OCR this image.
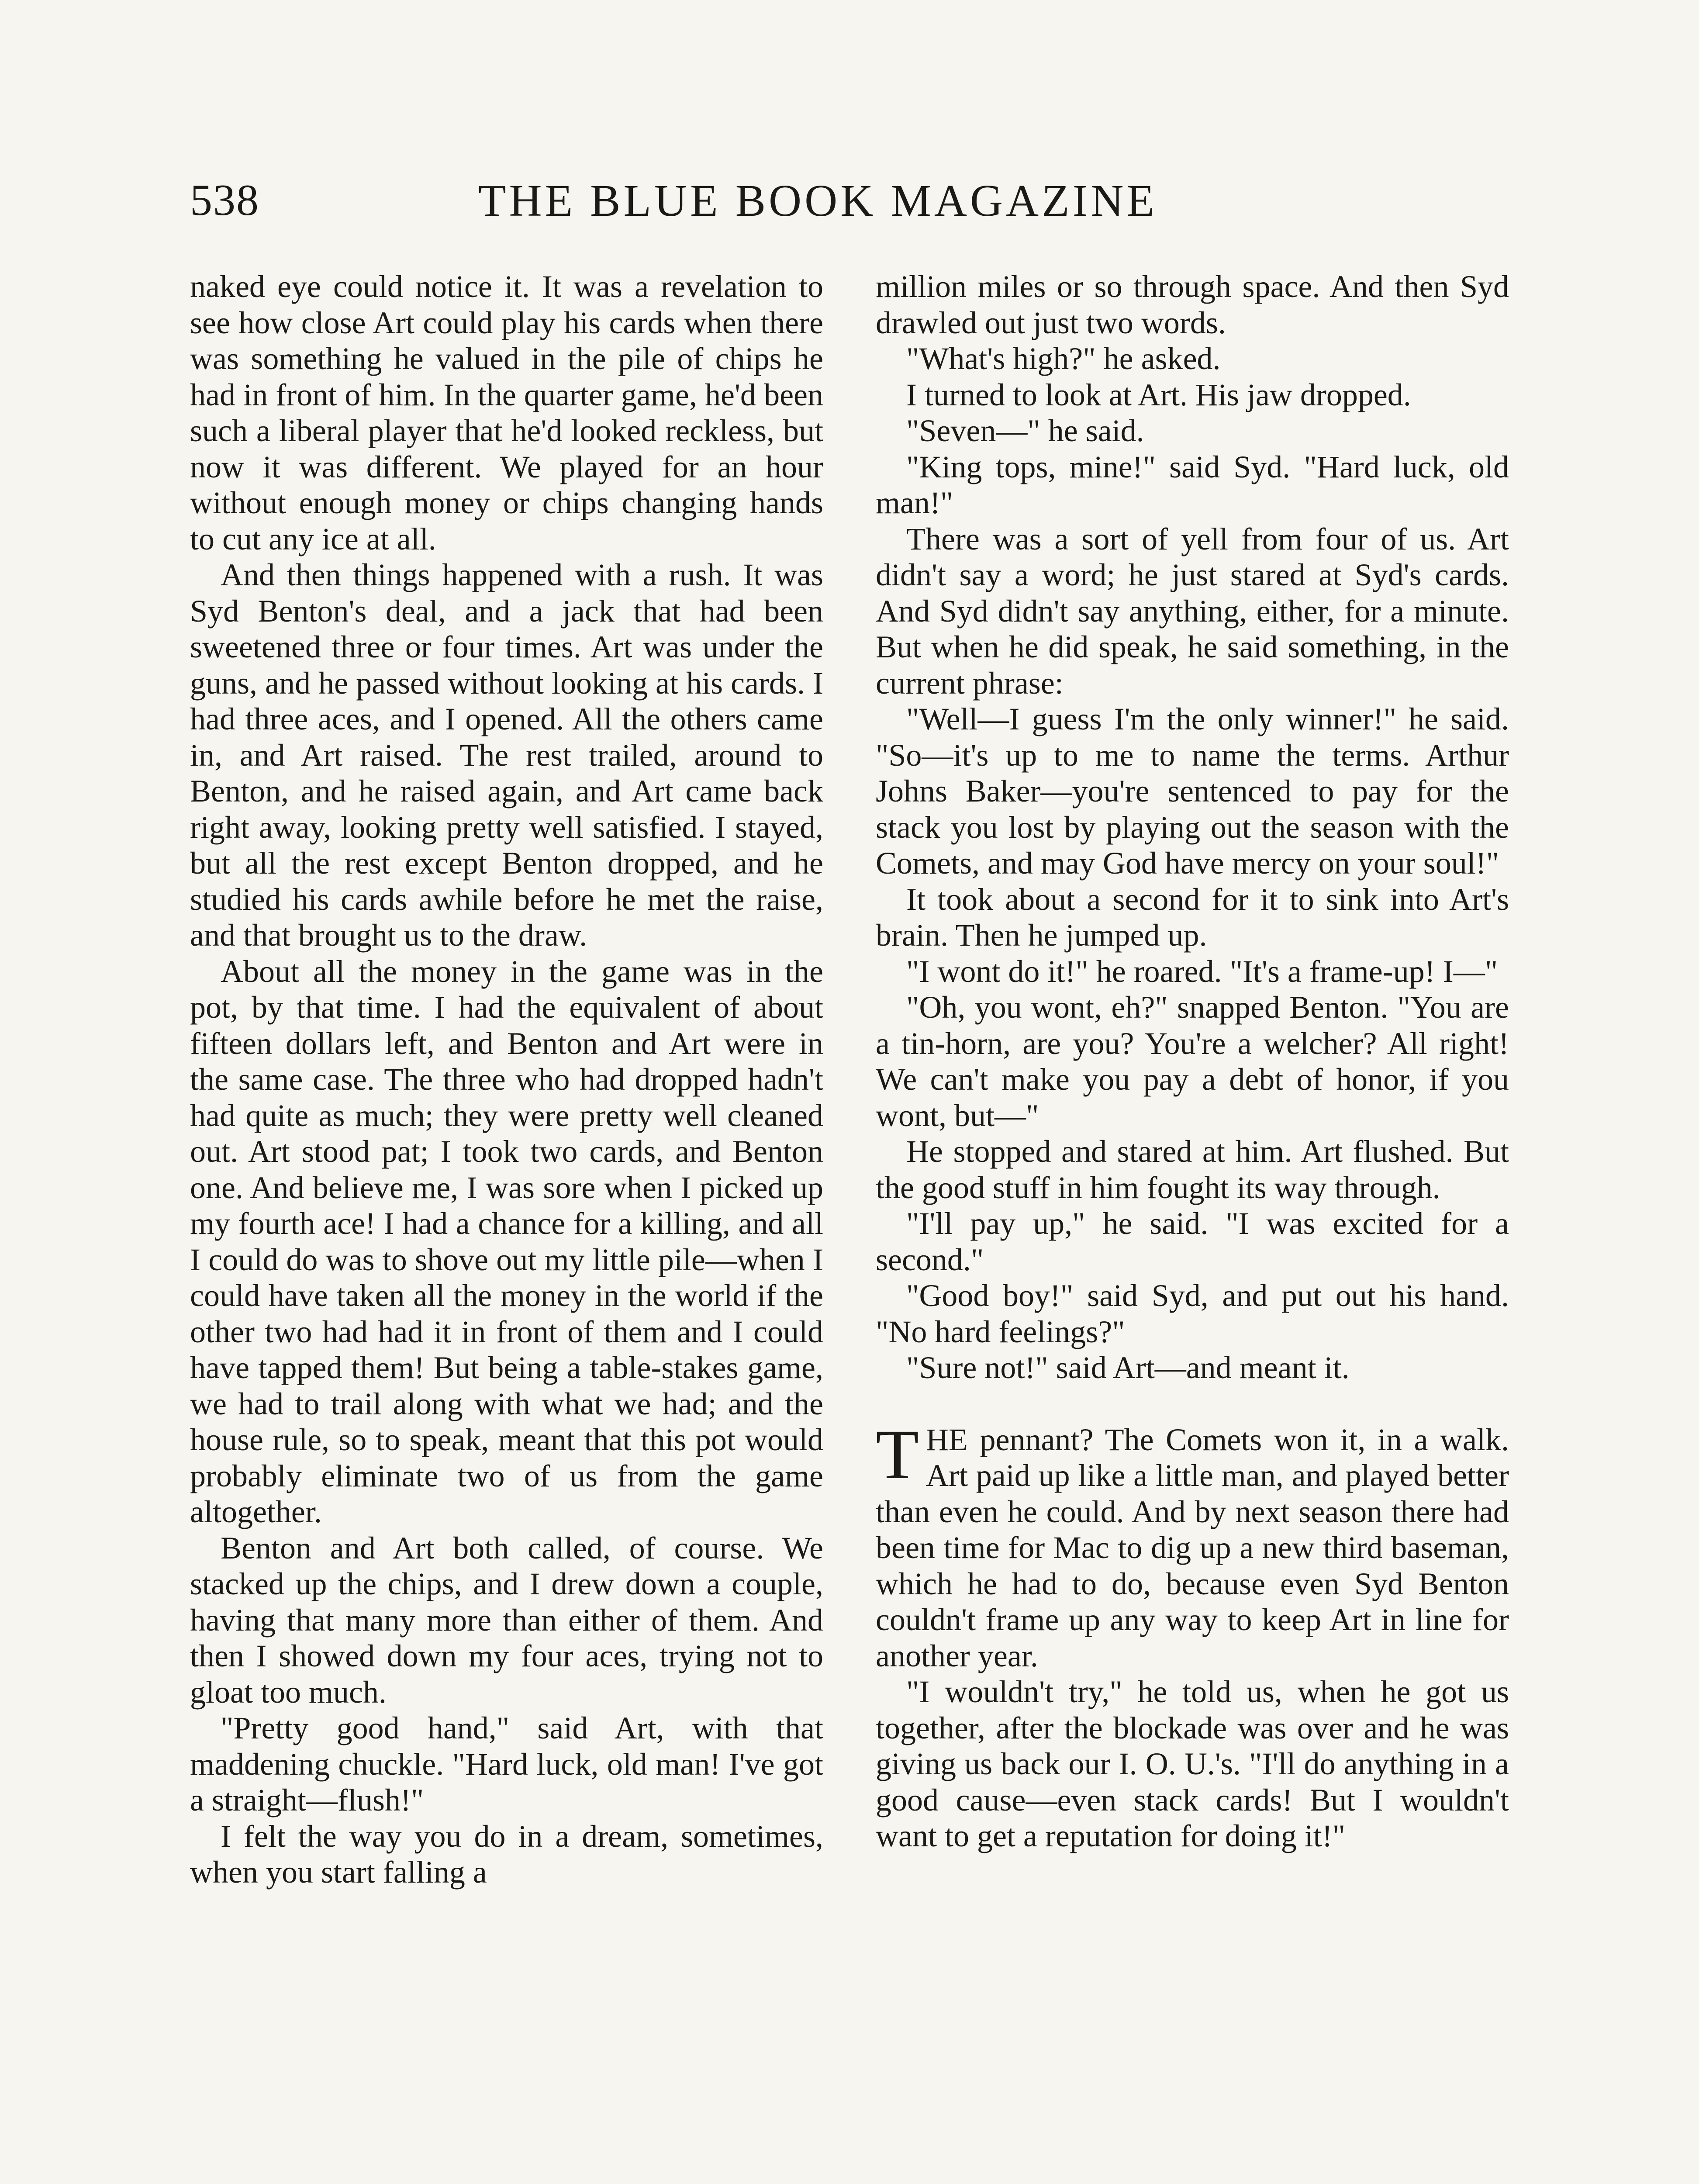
538	THE BLUE BOOK MAGAZINE

naked eye could notice it. It was a revelation to see how close Art could play his cards when there was something he valued in the pile of chips he had in front of him. In the quarter game, he'd been such a liberal player that he'd looked reckless, but now it was different. We played for an hour without enough money or chips changing hands to cut any ice at all.

And then things happened with a rush. It was Syd Benton's deal, and a jack that had been sweetened three or four times. Art was under the guns, and he passed without looking at his cards. I had three aces, and I opened. All the others came in, and Art raised. The rest trailed, around to Benton, and he raised again, and Art came back right away, looking pretty well satisfied. I stayed, but all the rest except Benton dropped, and he studied his cards awhile before he met the raise, and that brought us to the draw.

About all the money in the game was in the pot, by that time. I had the equivalent of about fifteen dollars left, and Benton and Art were in the same case. The three who had dropped hadn't had quite as much; they were pretty well cleaned out. Art stood pat; I took two cards, and Benton one. And believe me, I was sore when I picked up my fourth ace! I had a chance for a killing, and all I could do was to shove out my little pile—when I could have taken all the money in the world if the other two had had it in front of them and I could have tapped them! But being a table-stakes game, we had to trail along with what we had; and the house rule, so to speak, meant that this pot would probably eliminate two of us from the game altogether.

Benton and Art both called, of course. We stacked up the chips, and I drew down a couple, having that many more than either of them. And then I showed down my four aces, trying not to gloat too much.

"Pretty good hand," said Art, with that maddening chuckle. "Hard luck, old man! I've got a straight—flush!"

I felt the way you do in a dream, sometimes, when you start falling a

million miles or so through space. And then Syd drawled out just two words.

"What's high?" he asked.

I turned to look at Art. His jaw dropped.

"Seven—" he said.

"King tops, mine!" said Syd. "Hard luck, old man!"

There was a sort of yell from four of us. Art didn't say a word; he just stared at Syd's cards. And Syd didn't say anything, either, for a minute. But when he did speak, he said something, in the current phrase:

"Well—I guess I'm the only winner!" he said. "So—it's up to me to name the terms. Arthur Johns Baker—you're sentenced to pay for the stack you lost by playing out the season with the Comets, and may God have mercy on your soul!"

It took about a second for it to sink into Art's brain. Then he jumped up.

"I wont do it!" he roared. "It's a frame-up! I—"

"Oh, you wont, eh?" snapped Benton. "You are a tin-horn, are you? You're a welcher? All right! We can't make you pay a debt of honor, if you wont, but—"

He stopped and stared at him. Art flushed. But the good stuff in him fought its way through.

"I'll pay up," he said. "I was excited for a second."

"Good boy!" said Syd, and put out his hand. "No hard feelings?"

"Sure not!" said Art—and meant it.

THE pennant? The Comets won it, in a walk. Art paid up like a little man, and played better than even he could. And by next season there had been time for Mac to dig up a new third baseman, which he had to do, because even Syd Benton couldn't frame up any way to keep Art in line for another year.

"I wouldn't try," he told us, when he got us together, after the blockade was over and he was giving us back our I. O. U.'s. "I'll do anything in a good cause—even stack cards! But I wouldn't want to get a reputation for doing it!"
